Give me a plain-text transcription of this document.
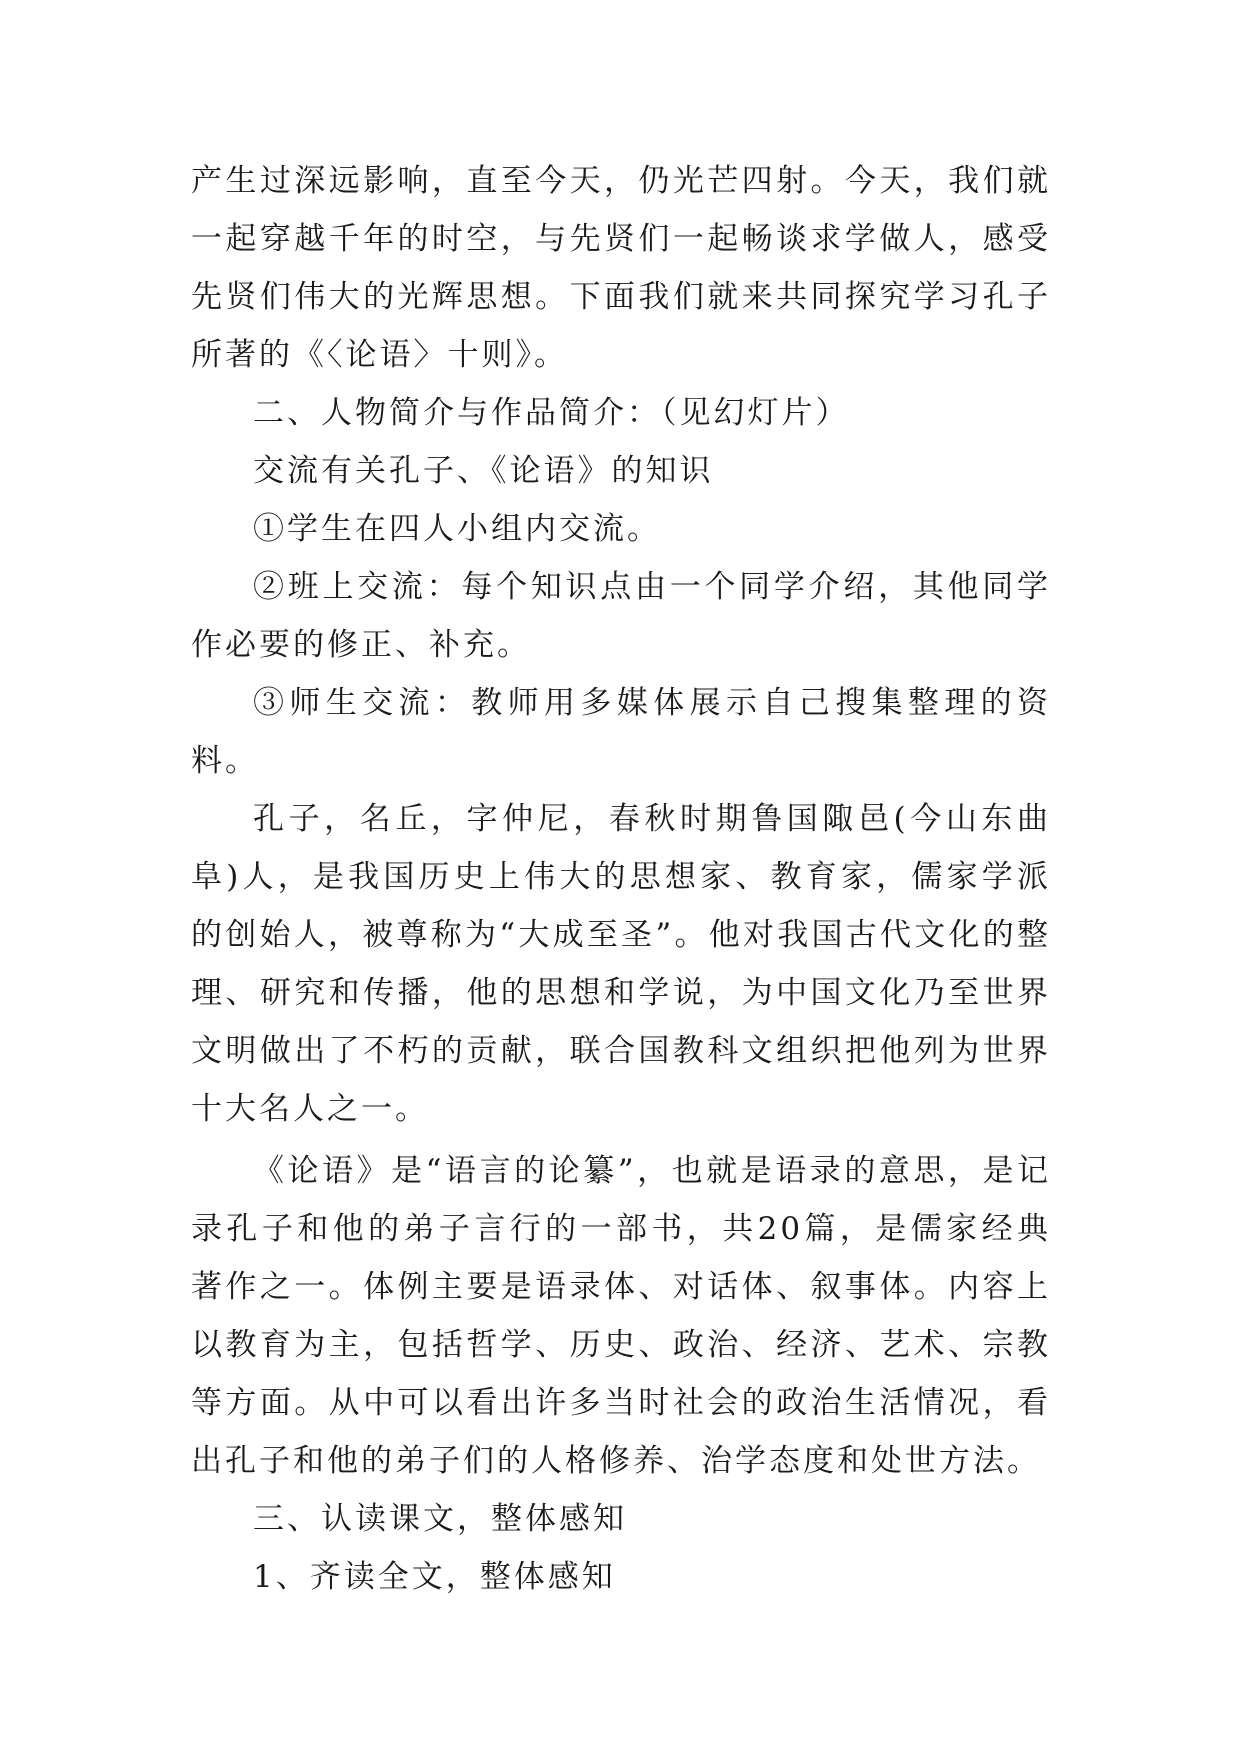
产生过深远影响，直至今天，仍光芒四射。今天，我们就一起穿越千年的时空，与先贤们一起畅谈求学做人，感受先贤们伟大的光辉思想。下面我们就来共同探究学习孔子所著的《〈论语〉十则》。

二、人物简介与作品简介：（见幻灯片）

交流有关孔子、《论语》的知识

①学生在四人小组内交流。

②班上交流：每个知识点由一个同学介绍，其他同学作必要的修正、补充。

③师生交流：教师用多媒体展示自己搜集整理的资料。

孔子，名丘，字仲尼，春秋时期鲁国陬邑(今山东曲阜)人，是我国历史上伟大的思想家、教育家，儒家学派的创始人，被尊称为“大成至圣”。他对我国古代文化的整理、研究和传播，他的思想和学说，为中国文化乃至世界文明做出了不朽的贡献，联合国教科文组织把他列为世界十大名人之一。

《论语》是“语言的论纂”，也就是语录的意思，是记录孔子和他的弟子言行的一部书，共20篇，是儒家经典著作之一。体例主要是语录体、对话体、叙事体。内容上以教育为主，包括哲学、历史、政治、经济、艺术、宗教等方面。从中可以看出许多当时社会的政治生活情况，看出孔子和他的弟子们的人格修养、治学态度和处世方法。

三、认读课文，整体感知

1、齐读全文，整体感知
